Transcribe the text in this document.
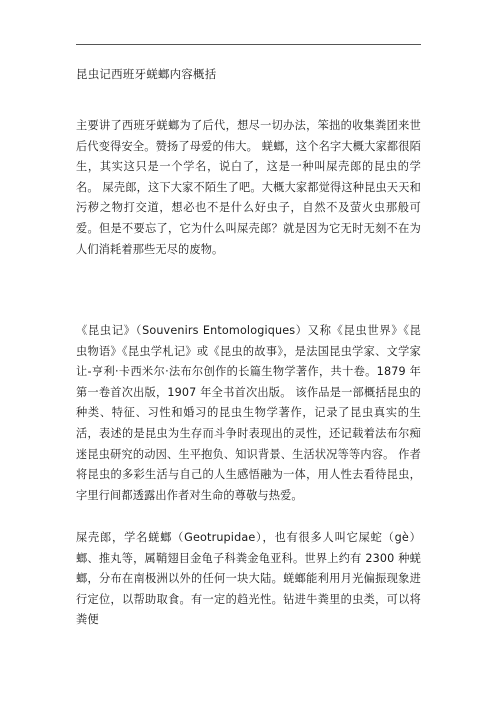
昆虫记西班牙蜣螂内容概括
主要讲了西班牙蜣螂为了后代，想尽一切办法，笨拙的收集粪团来世后代变得安全。赞扬了母爱的伟大。 蜣螂，这个名字大概大家都很陌生，其实这只是一个学名，说白了，这是一种叫屎壳郎的昆虫的学名。 屎壳郎，这下大家不陌生了吧。大概大家都觉得这种昆虫天天和污秽之物打交道，想必也不是什么好虫子，自然不及萤火虫那般可爱。但是不要忘了，它为什么叫屎壳郎？就是因为它无时无刻不在为人们消耗着那些无尽的废物。
《昆虫记》（Souvenirs Entomologiques）又称《昆虫世界》《昆虫物语》《昆虫学札记》或《昆虫的故事》，是法国昆虫学家、文学家让-亨利·卡西米尔·法布尔创作的长篇生物学著作，共十卷。1879 年第一卷首次出版，1907 年全书首次出版。 该作品是一部概括昆虫的种类、特征、习性和婚习的昆虫生物学著作，记录了昆虫真实的生活，表述的是昆虫为生存而斗争时表现出的灵性，还记载着法布尔痴迷昆虫研究的动因、生平抱负、知识背景、生活状况等等内容。 作者将昆虫的多彩生活与自己的人生感悟融为一体，用人性去看待昆虫，字里行间都透露出作者对生命的尊敬与热爱。
屎壳郎，学名蜣螂（Geotrupidae），也有很多人叫它屎蛇（gè）螂、推丸等，属鞘翅目金龟子科粪金龟亚科。世界上约有 2300 种蜣螂，分布在南极洲以外的任何一块大陆。蜣螂能利用月光偏振现象进行定位，以帮助取食。有一定的趋光性。钻进牛粪里的虫类，可以将粪便
